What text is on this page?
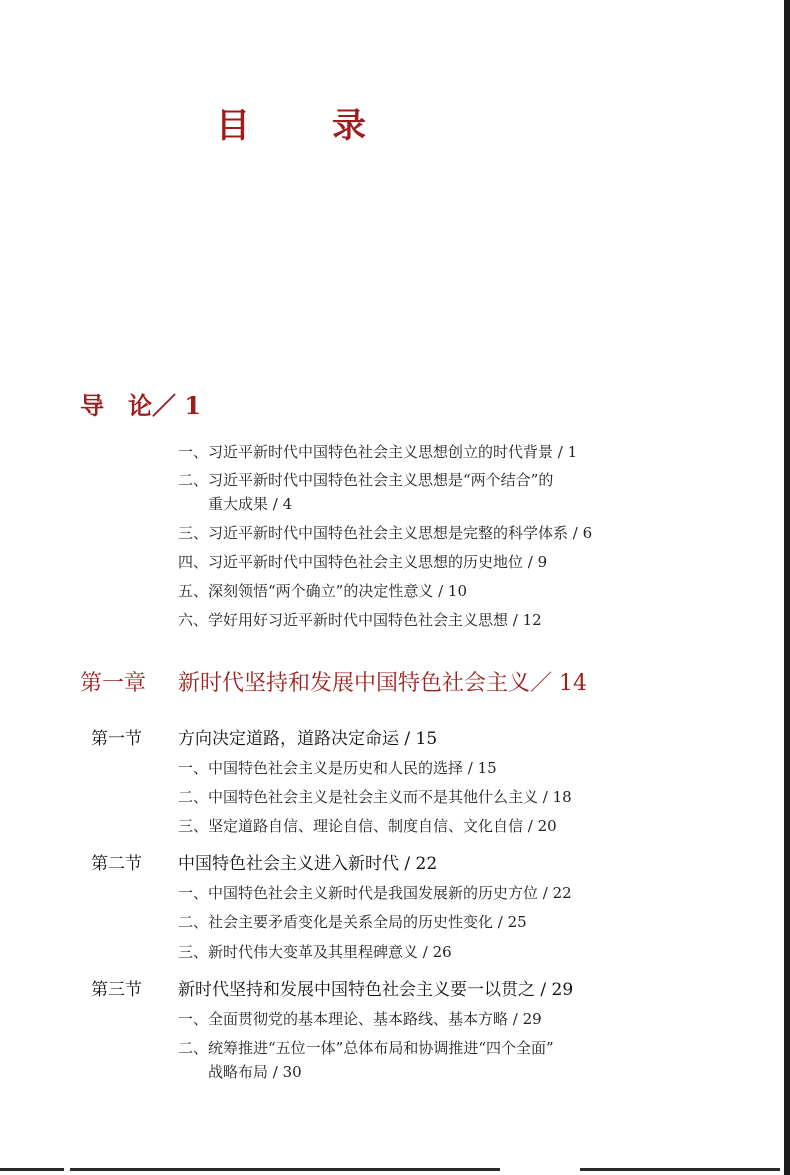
目　录
导　论／ 1
一、习近平新时代中国特色社会主义思想创立的时代背景 / 1
二、习近平新时代中国特色社会主义思想是“两个结合”的
重大成果 / 4
三、习近平新时代中国特色社会主义思想是完整的科学体系 / 6
四、习近平新时代中国特色社会主义思想的历史地位 / 9
五、深刻领悟“两个确立”的决定性意义 / 10
六、学好用好习近平新时代中国特色社会主义思想 / 12
第一章 新时代坚持和发展中国特色社会主义／ 14
第一节 方向决定道路，道路决定命运 / 15
一、中国特色社会主义是历史和人民的选择 / 15
二、中国特色社会主义是社会主义而不是其他什么主义 / 18
三、坚定道路自信、理论自信、制度自信、文化自信 / 20
第二节 中国特色社会主义进入新时代 / 22
一、中国特色社会主义新时代是我国发展新的历史方位 / 22
二、社会主要矛盾变化是关系全局的历史性变化 / 25
三、新时代伟大变革及其里程碑意义 / 26
第三节 新时代坚持和发展中国特色社会主义要一以贯之 / 29
一、全面贯彻党的基本理论、基本路线、基本方略 / 29
二、统筹推进“五位一体”总体布局和协调推进“四个全面”
战略布局 / 30
